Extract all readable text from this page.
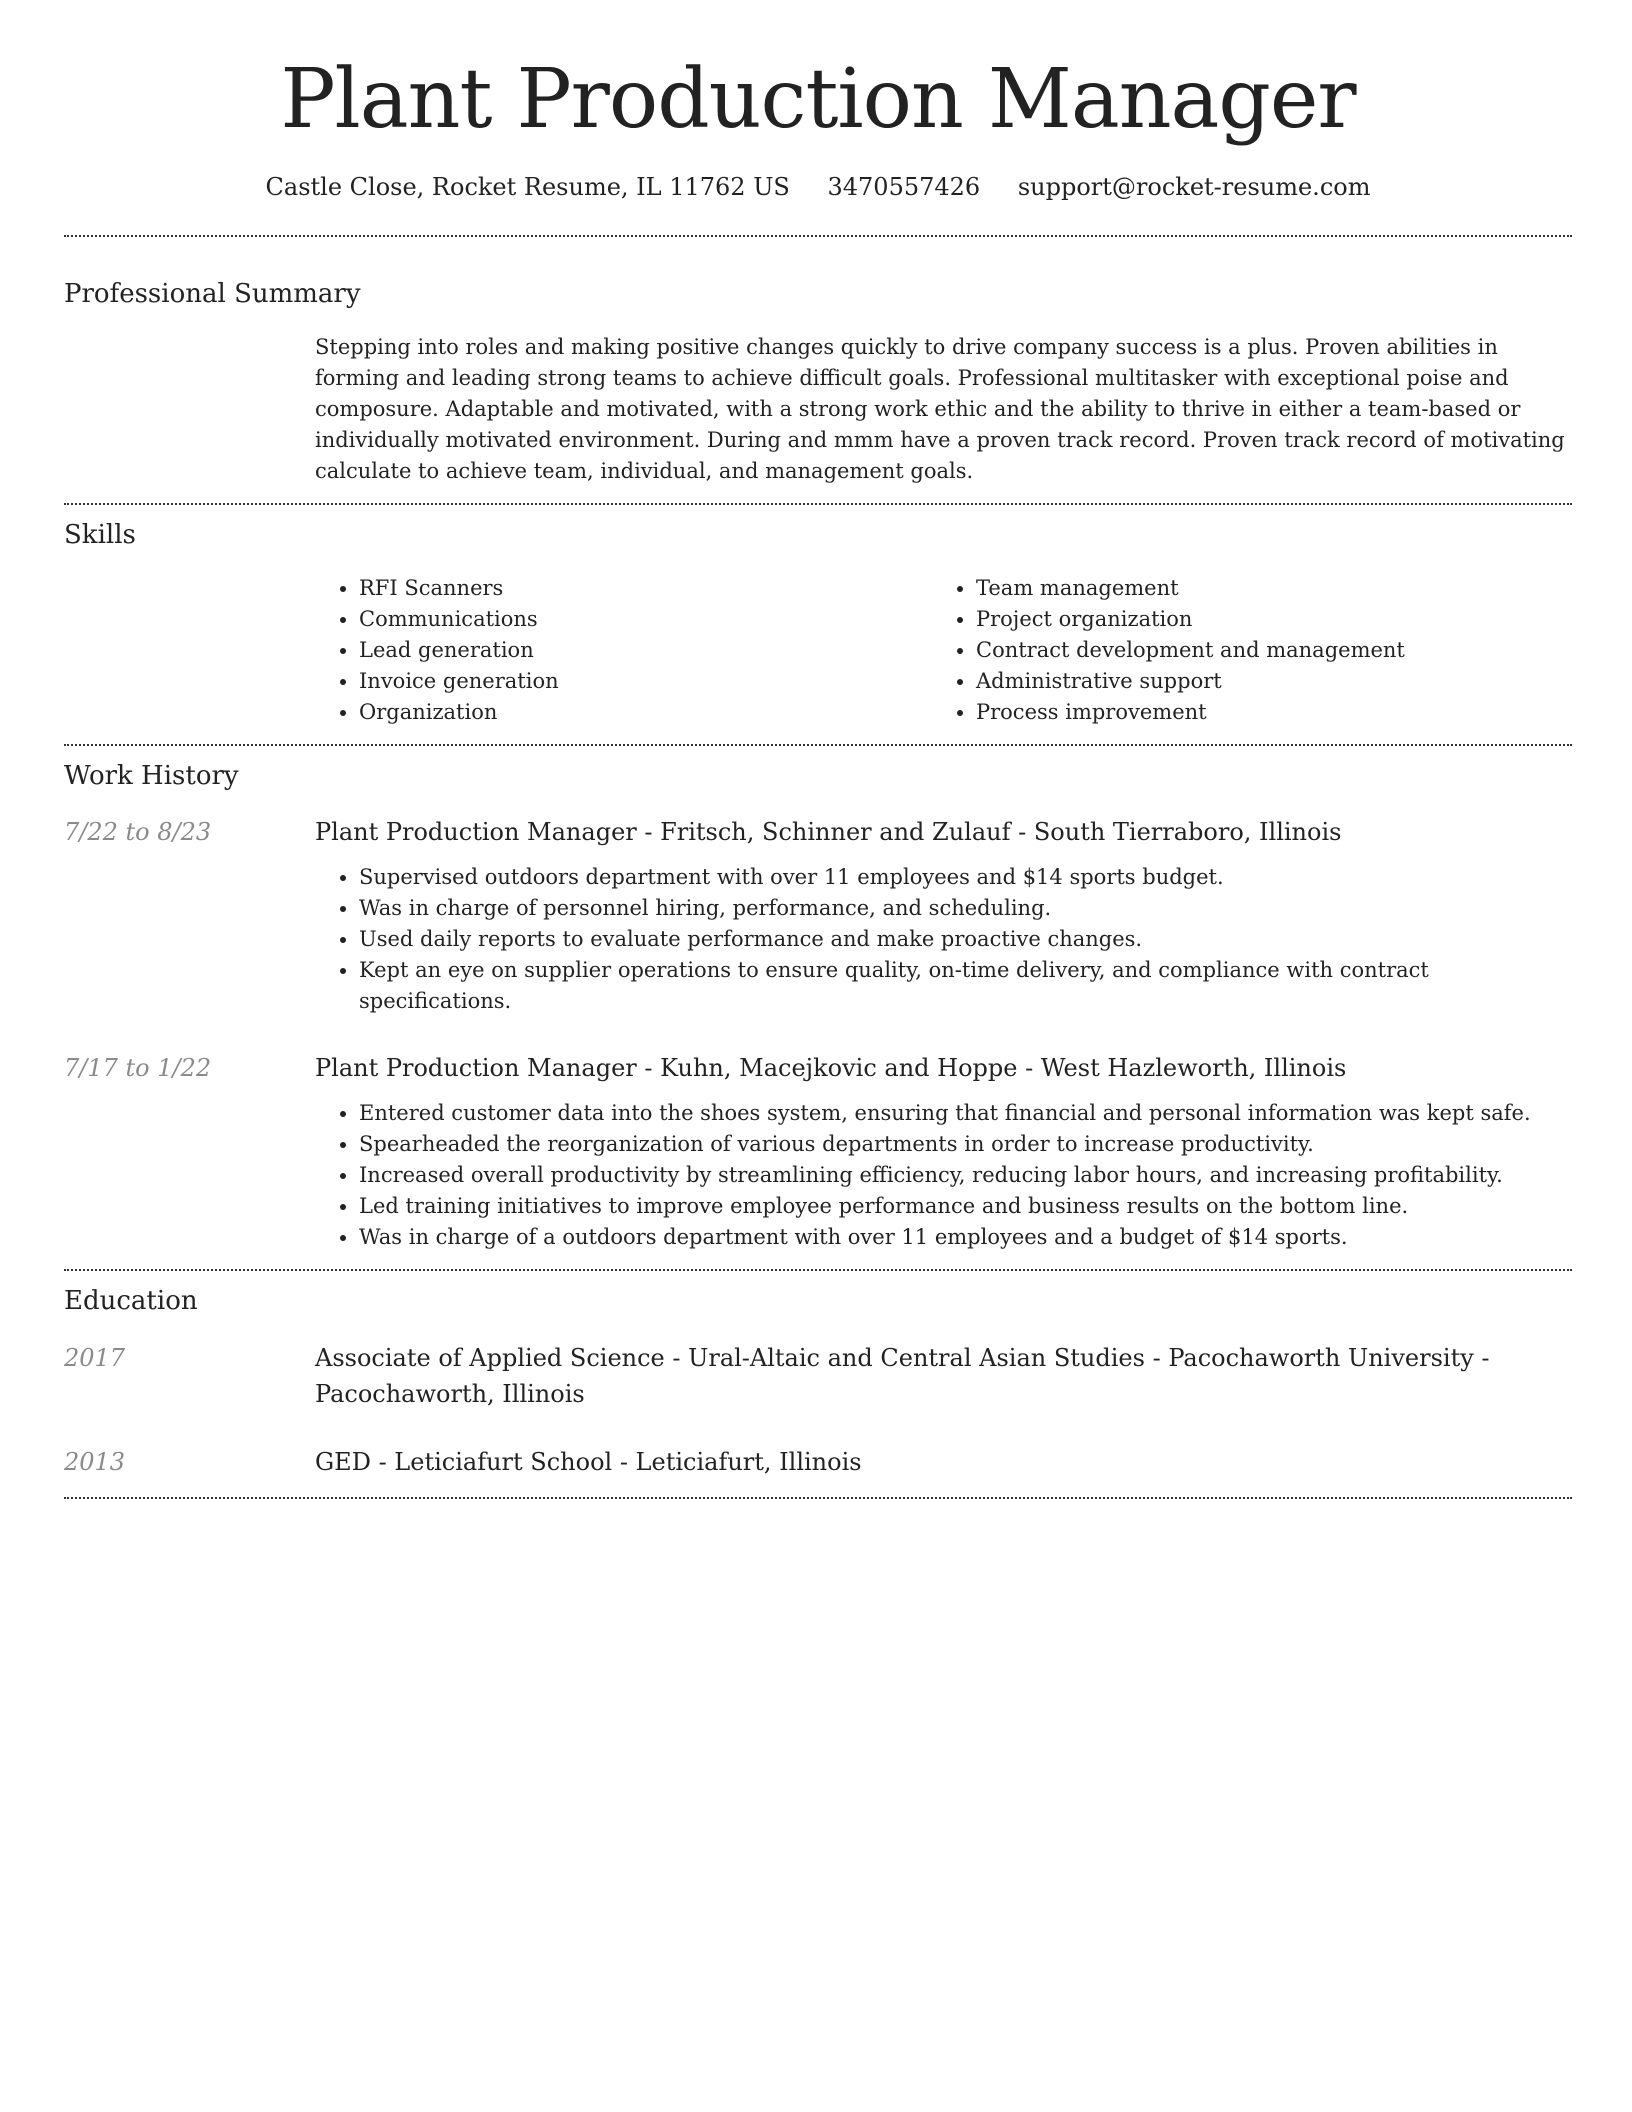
Plant Production Manager
Castle Close, Rocket Resume, IL 11762 US 3470557426 support@rocket-resume.com
Professional Summary
Stepping into roles and making positive changes quickly to drive company success is a plus. Proven abilities in forming and leading strong teams to achieve difficult goals. Professional multitasker with exceptional poise and composure. Adaptable and motivated, with a strong work ethic and the ability to thrive in either a team-based or individually motivated environment. During and mmm have a proven track record. Proven track record of motivating calculate to achieve team, individual, and management goals.
Skills
• RFI Scanners
• Communications
• Lead generation
• Invoice generation
• Organization
• Team management
• Project organization
• Contract development and management
• Administrative support
• Process improvement
Work History
7/22 to 8/23	Plant Production Manager - Fritsch, Schinner and Zulauf - South Tierraboro, Illinois
• Supervised outdoors department with over 11 employees and $14 sports budget.
• Was in charge of personnel hiring, performance, and scheduling.
• Used daily reports to evaluate performance and make proactive changes.
• Kept an eye on supplier operations to ensure quality, on-time delivery, and compliance with contract specifications.
7/17 to 1/22	Plant Production Manager - Kuhn, Macejkovic and Hoppe - West Hazleworth, Illinois
• Entered customer data into the shoes system, ensuring that financial and personal information was kept safe.
• Spearheaded the reorganization of various departments in order to increase productivity.
• Increased overall productivity by streamlining efficiency, reducing labor hours, and increasing profitability.
• Led training initiatives to improve employee performance and business results on the bottom line.
• Was in charge of a outdoors department with over 11 employees and a budget of $14 sports.
Education
2017	Associate of Applied Science - Ural-Altaic and Central Asian Studies - Pacochaworth University - Pacochaworth, Illinois
2013	GED - Leticiafurt School - Leticiafurt, Illinois
